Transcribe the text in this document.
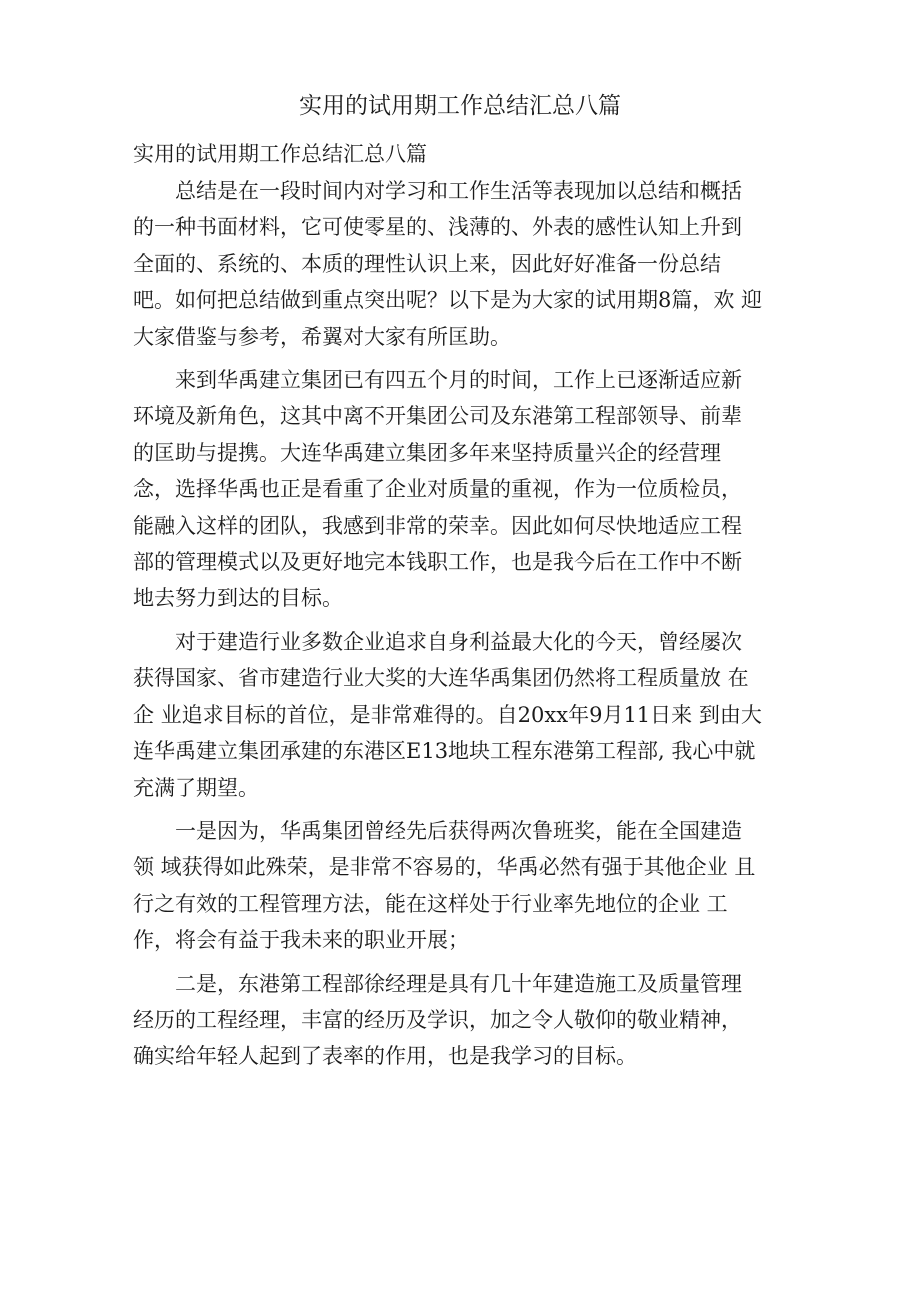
实用的试用期工作总结汇总八篇

实用的试用期工作总结汇总八篇

总结是在一段时间内对学习和工作生活等表现加以总结和概括
的一种书面材料，它可使零星的、浅薄的、外表的感性认知上升到
全面的、系统的、本质的理性认识上来，因此好好准备一份总结
吧。如何把总结做到重点突出呢？以下是为大家的试用期8篇，欢 迎
大家借鉴与参考，希翼对大家有所匡助。

来到华禹建立集团已有四五个月的时间，工作上已逐渐适应新
环境及新角色，这其中离不开集团公司及东港第工程部领导、前辈
的匡助与提携。大连华禹建立集团多年来坚持质量兴企的经营理
念，选择华禹也正是看重了企业对质量的重视，作为一位质检员，
能融入这样的团队，我感到非常的荣幸。因此如何尽快地适应工程
部的管理模式以及更好地完本钱职工作，也是我今后在工作中不断
地去努力到达的目标。

对于建造行业多数企业追求自身利益最大化的今天，曾经屡次
获得国家、省市建造行业大奖的大连华禹集团仍然将工程质量放 在
企 业追求目标的首位，是非常难得的。自20xx年9月11日来 到由大
连华禹建立集团承建的东港区E13地块工程东港第工程部, 我心中就
充满了期望。

一是因为，华禹集团曾经先后获得两次鲁班奖，能在全国建造
领 域获得如此殊荣，是非常不容易的，华禹必然有强于其他企业 且
行之有效的工程管理方法，能在这样处于行业率先地位的企业 工
作，将会有益于我未来的职业开展；

二是，东港第工程部徐经理是具有几十年建造施工及质量管理
经历的工程经理，丰富的经历及学识，加之令人敬仰的敬业精神，
确实给年轻人起到了表率的作用，也是我学习的目标。
